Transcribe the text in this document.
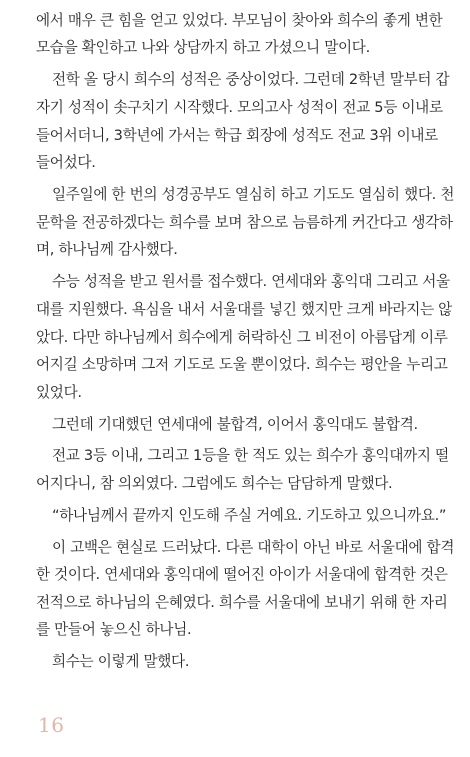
에서 매우 큰 힘을 얻고 있었다. 부모님이 찾아와 희수의 좋게 변한
모습을 확인하고 나와 상담까지 하고 가셨으니 말이다.
전학 올 당시 희수의 성적은 중상이었다. 그런데 2학년 말부터 갑
자기 성적이 솟구치기 시작했다. 모의고사 성적이 전교 5등 이내로
들어서더니, 3학년에 가서는 학급 회장에 성적도 전교 3위 이내로
들어섰다.
일주일에 한 번의 성경공부도 열심히 하고 기도도 열심히 했다. 천
문학을 전공하겠다는 희수를 보며 참으로 늠름하게 커간다고 생각하
며, 하나님께 감사했다.
수능 성적을 받고 원서를 접수했다. 연세대와 홍익대 그리고 서울
대를 지원했다. 욕심을 내서 서울대를 넣긴 했지만 크게 바라지는 않
았다. 다만 하나님께서 희수에게 허락하신 그 비전이 아름답게 이루
어지길 소망하며 그저 기도로 도울 뿐이었다. 희수는 평안을 누리고
있었다.
그런데 기대했던 연세대에 불합격, 이어서 홍익대도 불합격.
전교 3등 이내, 그리고 1등을 한 적도 있는 희수가 홍익대까지 떨
어지다니, 참 의외였다. 그럼에도 희수는 담담하게 말했다.
“하나님께서 끝까지 인도해 주실 거예요. 기도하고 있으니까요.”
이 고백은 현실로 드러났다. 다른 대학이 아닌 바로 서울대에 합격
한 것이다. 연세대와 홍익대에 떨어진 아이가 서울대에 합격한 것은
전적으로 하나님의 은혜였다. 희수를 서울대에 보내기 위해 한 자리
를 만들어 놓으신 하나님.
희수는 이렇게 말했다.
16
